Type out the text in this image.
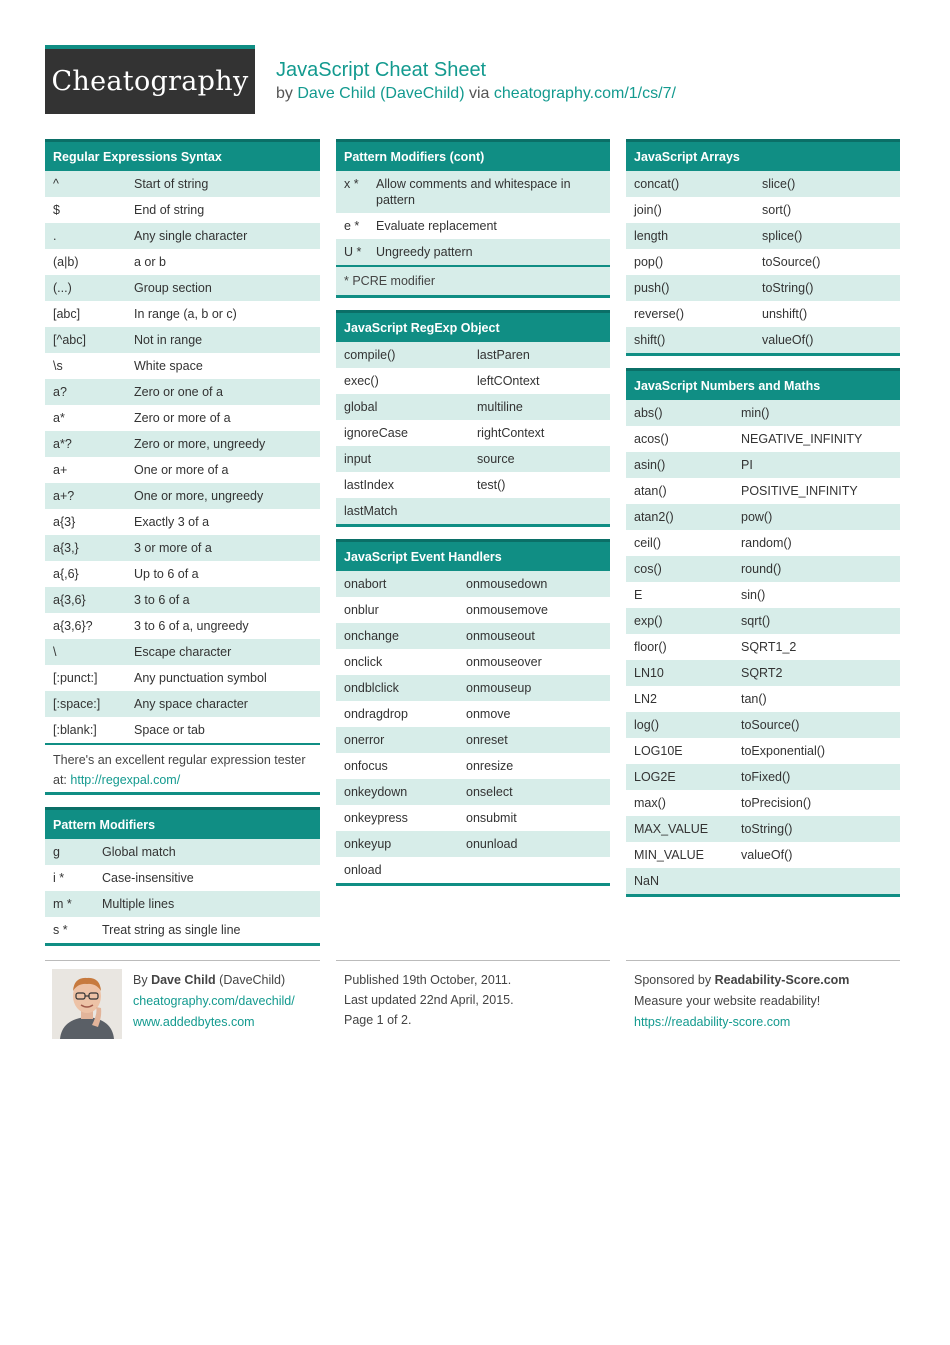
Cheatography JavaScript Cheat Sheet
by Dave Child (DaveChild) via cheatography.com/1/cs/7/
Regular Expressions Syntax
^	Start of string
$	End of string
.	Any single character
(a|b)	a or b
(...)	Group section
[abc]	In range (a, b or c)
[^abc]	Not in range
\s	White space
a?	Zero or one of a
a*	Zero or more of a
a*?	Zero or more, ungreedy
a+	One or more of a
a+?	One or more, ungreedy
a{3}	Exactly 3 of a
a{3,}	3 or more of a
a{,6}	Up to 6 of a
a{3,6}	3 to 6 of a
a{3,6}?	3 to 6 of a, ungreedy
\	Escape character
[:punct:]	Any punctuation symbol
[:space:]	Any space character
[:blank:]	Space or tab
There's an excellent regular expression tester at: http://regexpal.com/
Pattern Modifiers
g	Global match
i *	Case-insensitive
m *	Multiple lines
s *	Treat string as single line
Pattern Modifiers (cont)
x *	Allow comments and whitespace in pattern
e *	Evaluate replacement
U *	Ungreedy pattern
* PCRE modifier
JavaScript RegExp Object
compile()	lastParen
exec()	leftCOntext
global	multiline
ignoreCase	rightContext
input	source
lastIndex	test()
lastMatch
JavaScript Event Handlers
onabort	onmousedown
onblur	onmousemove
onchange	onmouseout
onclick	onmouseover
ondblclick	onmouseup
ondragdrop	onmove
onerror	onreset
onfocus	onresize
onkeydown	onselect
onkeypress	onsubmit
onkeyup	onunload
onload
JavaScript Arrays
concat()	slice()
join()	sort()
length	splice()
pop()	toSource()
push()	toString()
reverse()	unshift()
shift()	valueOf()
JavaScript Numbers and Maths
abs()	min()
acos()	NEGATIVE_INFINITY
asin()	PI
atan()	POSITIVE_INFINITY
atan2()	pow()
ceil()	random()
cos()	round()
E	sin()
exp()	sqrt()
floor()	SQRT1_2
LN10	SQRT2
LN2	tan()
log()	toSource()
LOG10E	toExponential()
LOG2E	toFixed()
max()	toPrecision()
MAX_VALUE	toString()
MIN_VALUE	valueOf()
NaN
By Dave Child (DaveChild)
cheatography.com/davechild/
www.addedbytes.com
Published 19th October, 2011.
Last updated 22nd April, 2015.
Page 1 of 2.
Sponsored by Readability-Score.com
Measure your website readability!
https://readability-score.com
